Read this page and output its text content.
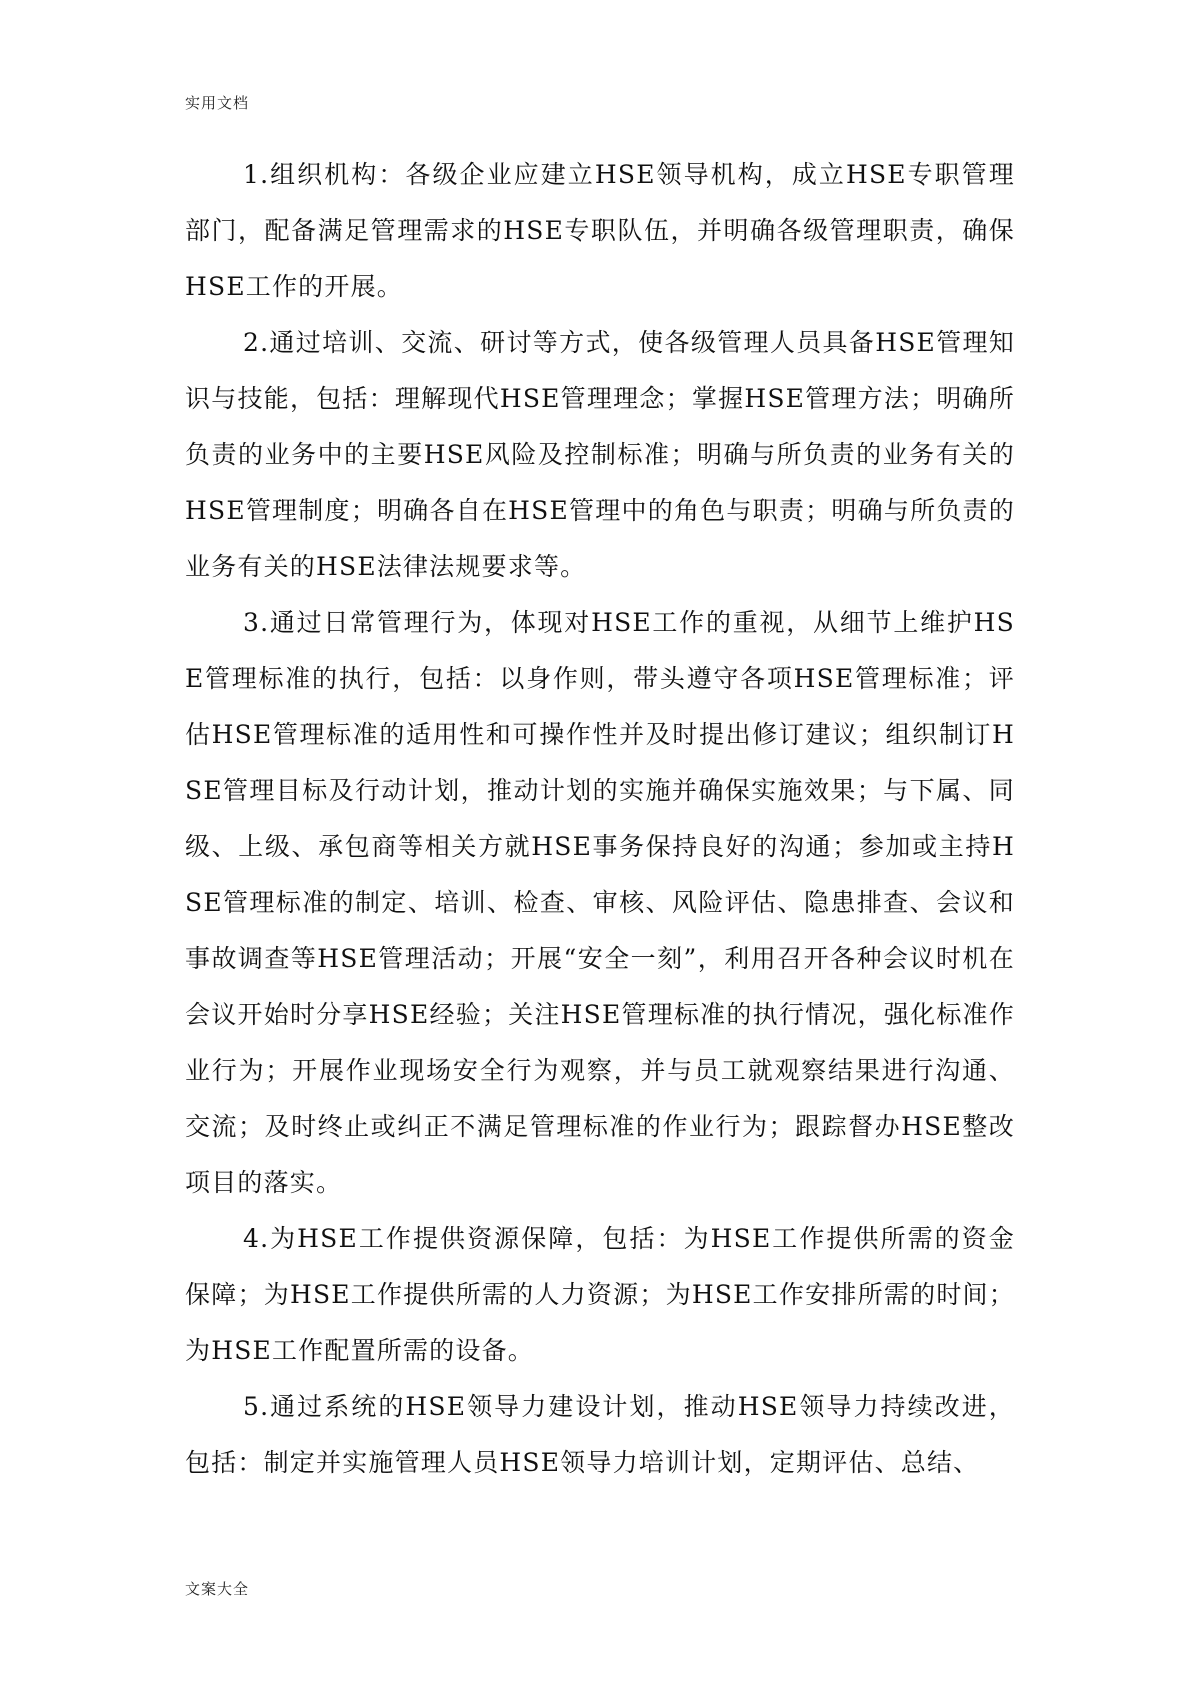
实用文档

1.组织机构：各级企业应建立HSE领导机构，成立HSE专职管理部门，配备满足管理需求的HSE专职队伍，并明确各级管理职责，确保HSE工作的开展。

2.通过培训、交流、研讨等方式，使各级管理人员具备HSE管理知识与技能，包括：理解现代HSE管理理念；掌握HSE管理方法；明确所负责的业务中的主要HSE风险及控制标准；明确与所负责的业务有关的HSE管理制度；明确各自在HSE管理中的角色与职责；明确与所负责的业务有关的HSE法律法规要求等。

3.通过日常管理行为，体现对HSE工作的重视，从细节上维护HSE管理标准的执行，包括：以身作则，带头遵守各项HSE管理标准；评估HSE管理标准的适用性和可操作性并及时提出修订建议；组织制订HSE管理目标及行动计划，推动计划的实施并确保实施效果；与下属、同级、上级、承包商等相关方就HSE事务保持良好的沟通；参加或主持HSE管理标准的制定、培训、检查、审核、风险评估、隐患排查、会议和事故调查等HSE管理活动；开展“安全一刻”，利用召开各种会议时机在会议开始时分享HSE经验；关注HSE管理标准的执行情况，强化标准作业行为；开展作业现场安全行为观察，并与员工就观察结果进行沟通、交流；及时终止或纠正不满足管理标准的作业行为；跟踪督办HSE整改项目的落实。

4.为HSE工作提供资源保障，包括：为HSE工作提供所需的资金保障；为HSE工作提供所需的人力资源；为HSE工作安排所需的时间；为HSE工作配置所需的设备。

5.通过系统的HSE领导力建设计划，推动HSE领导力持续改进，包括：制定并实施管理人员HSE领导力培训计划，定期评估、总结、

文案大全
